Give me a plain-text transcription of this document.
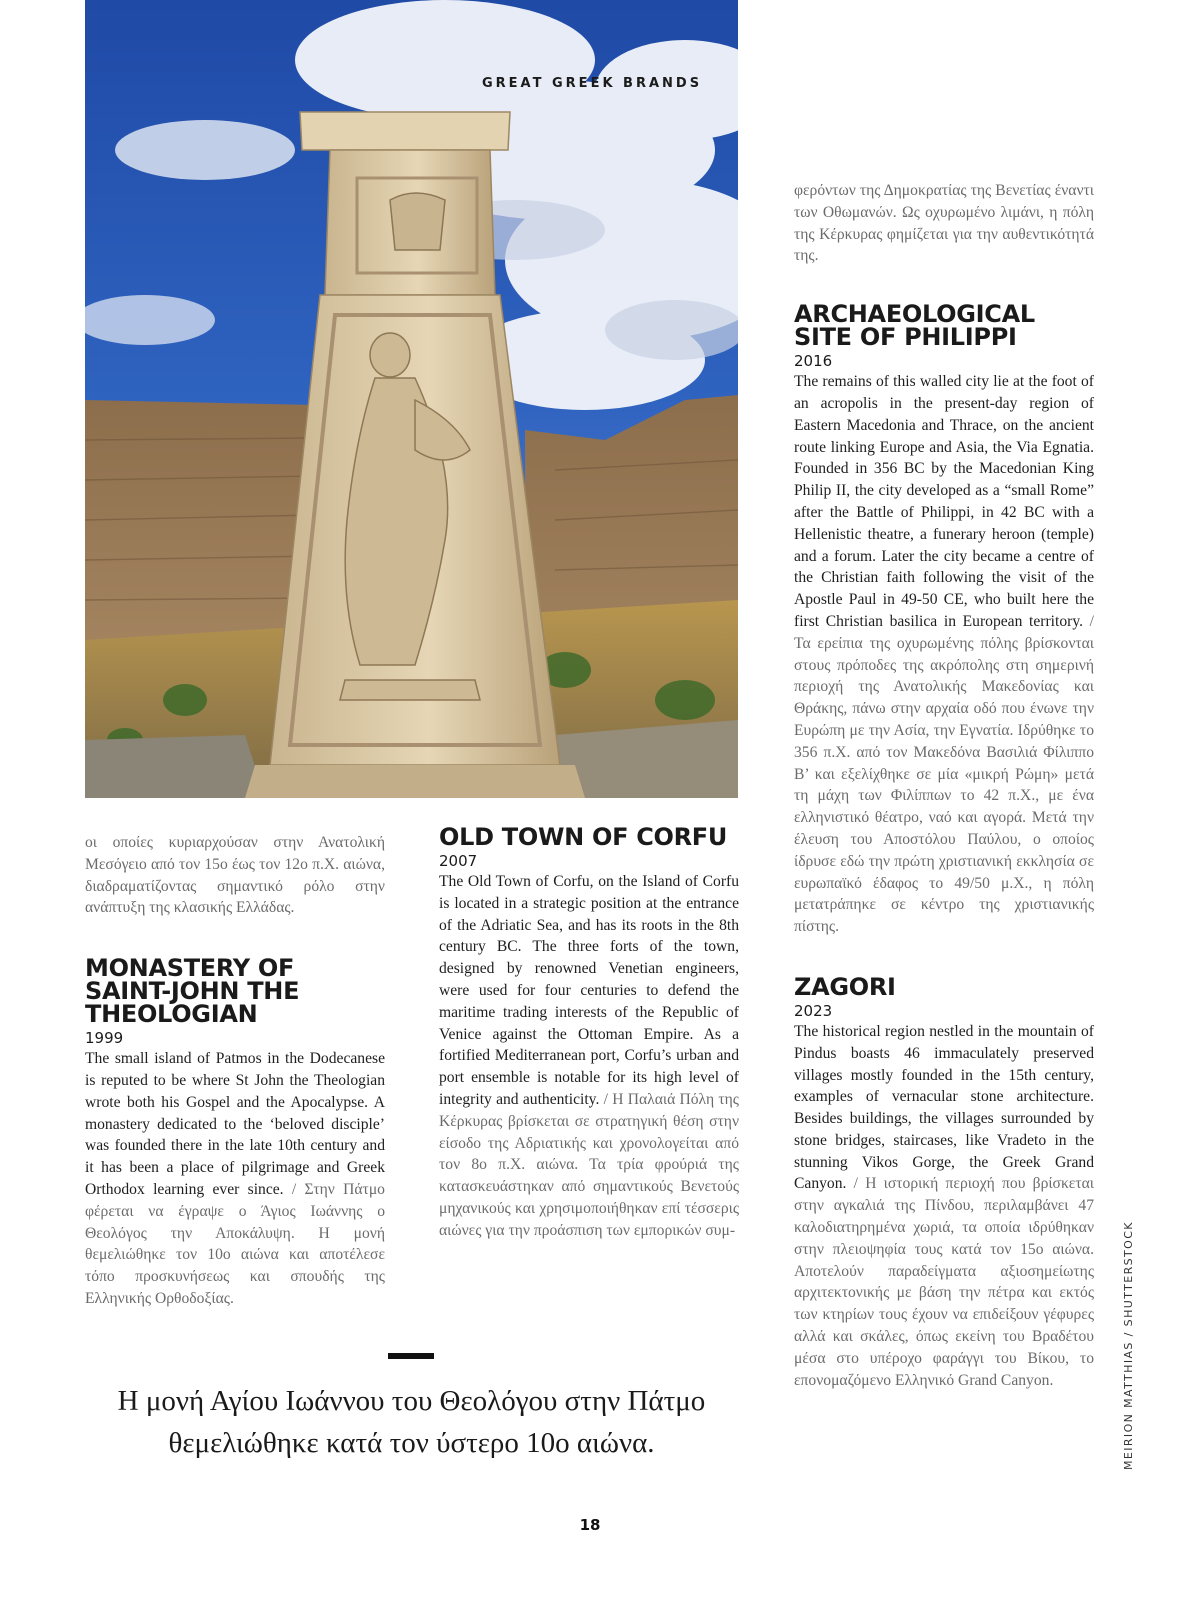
GREAT GREEK BRANDS

οι οποίες κυριαρχούσαν στην Ανατολική Μεσόγειο από τον 15ο έως τον 12ο π.Χ. αιώνα, διαδραματίζοντας σημαντικό ρόλο στην ανάπτυξη της κλασικής Ελλάδας.

MONASTERY OF SAINT-JOHN THE THEOLOGIAN
1999

The small island of Patmos in the Dodecanese is reputed to be where St John the Theologian wrote both his Gospel and the Apocalypse. A monastery dedicated to the ‘beloved disciple’ was founded there in the late 10th century and it has been a place of pilgrimage and Greek Orthodox learning ever since. / Στην Πάτμο φέρεται να έγραψε ο Άγιος Ιωάννης ο Θεολόγος την Αποκάλυψη. Η μονή θεμελιώθηκε τον 10ο αιώνα και αποτέλεσε τόπο προσκυνήσεως και σπουδής της Ελληνικής Ορθοδοξίας.

OLD TOWN OF CORFU
2007

The Old Town of Corfu, on the Island of Corfu is located in a strategic position at the entrance of the Adriatic Sea, and has its roots in the 8th century BC. The three forts of the town, designed by renowned Venetian engineers, were used for four centuries to defend the maritime trading interests of the Republic of Venice against the Ottoman Empire. As a fortified Mediterranean port, Corfu’s urban and port ensemble is notable for its high level of integrity and authenticity. / Η Παλαιά Πόλη της Κέρκυρας βρίσκεται σε στρατηγική θέση στην είσοδο της Αδριατικής και χρονολογείται από τον 8ο π.Χ. αιώνα. Τα τρία φρούριά της κατασκευάστηκαν από σημαντικούς Βενετούς μηχανικούς και χρησιμοποιήθηκαν επί τέσσερις αιώνες για την προάσπιση των εμπορικών συμ-

φερόντων της Δημοκρατίας της Βενετίας έναντι των Οθωμανών. Ως οχυρωμένο λιμάνι, η πόλη της Κέρκυρας φημίζεται για την αυθεντικότητά της.

ARCHAEOLOGICAL SITE OF PHILIPPI
2016

The remains of this walled city lie at the foot of an acropolis in the present-day region of Eastern Macedonia and Thrace, on the ancient route linking Europe and Asia, the Via Egnatia. Founded in 356 BC by the Macedonian King Philip II, the city developed as a “small Rome” after the Battle of Philippi, in 42 BC with a Hellenistic theatre, a funerary heroon (temple) and a forum. Later the city became a centre of the Christian faith following the visit of the Apostle Paul in 49-50 CE, who built here the first Christian basilica in European territory. / Τα ερείπια της οχυρωμένης πόλης βρίσκονται στους πρόποδες της ακρόπολης στη σημερινή περιοχή της Ανατολικής Μακεδονίας και Θράκης, πάνω στην αρχαία οδό που ένωνε την Ευρώπη με την Ασία, την Εγνατία. Ιδρύθηκε το 356 π.Χ. από τον Μακεδόνα Βασιλιά Φίλιππο Β’ και εξελίχθηκε σε μία «μικρή Ρώμη» μετά τη μάχη των Φιλίππων το 42 π.Χ., με ένα ελληνιστικό θέατρο, ναό και αγορά. Μετά την έλευση του Αποστόλου Παύλου, ο οποίος ίδρυσε εδώ την πρώτη χριστιανική εκκλησία σε ευρωπαϊκό έδαφος το 49/50 μ.Χ., η πόλη μετατράπηκε σε κέντρο της χριστιανικής πίστης.

ZAGORI
2023

The historical region nestled in the mountain of Pindus boasts 46 immaculately preserved villages mostly founded in the 15th century, examples of vernacular stone architecture. Besides buildings, the villages surrounded by stone bridges, staircases, like Vradeto in the stunning Vikos Gorge, the Greek Grand Canyon. / Η ιστορική περιοχή που βρίσκεται στην αγκαλιά της Πίνδου, περιλαμβάνει 47 καλοδιατηρημένα χωριά, τα οποία ιδρύθηκαν στην πλειοψηφία τους κατά τον 15ο αιώνα. Αποτελούν παραδείγματα αξιοσημείωτης αρχιτεκτονικής με βάση την πέτρα και εκτός των κτηρίων τους έχουν να επιδείξουν γέφυρες αλλά και σκάλες, όπως εκείνη του Βραδέτου μέσα στο υπέροχο φαράγγι του Βίκου, το επονομαζόμενο Ελληνικό Grand Canyon.	MEIRION MATTHIAS / SHUTTERSTOCK
Η μονή Αγίου Ιωάννου του Θεολόγου στην Πάτμο θεμελιώθηκε κατά τον ύστερο 10ο αιώνα.
18
